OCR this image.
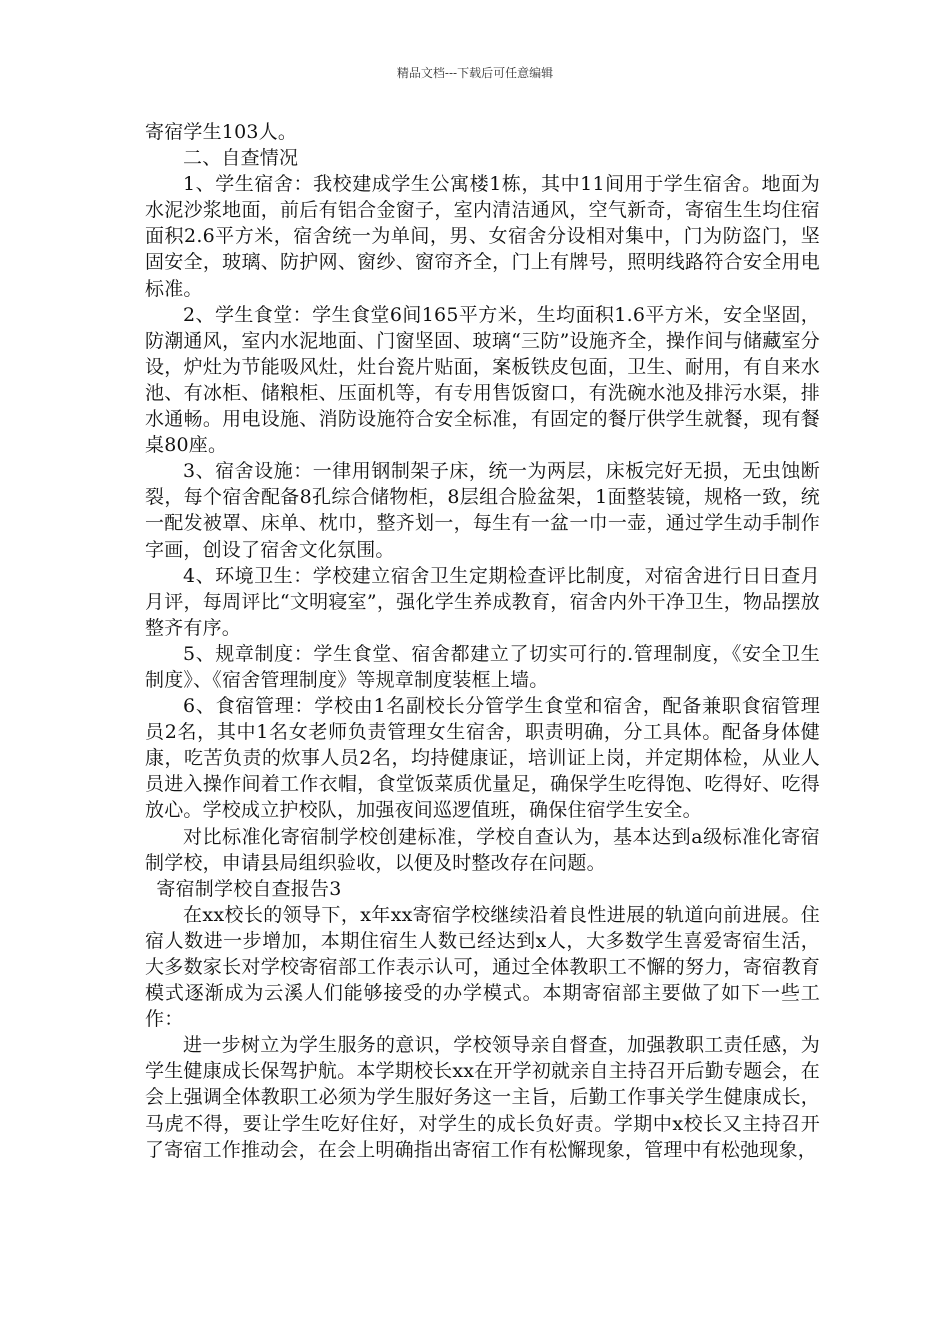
精品文档---下载后可任意编辑

寄宿学生103人。

二、自查情况

1、学生宿舍：我校建成学生公寓楼1栋，其中11间用于学生宿舍。地面为水泥沙浆地面，前后有铝合金窗子，室内清洁通风，空气新奇，寄宿生生均住宿面积2.6平方米，宿舍统一为单间，男、女宿舍分设相对集中，门为防盗门，坚固安全，玻璃、防护网、窗纱、窗帘齐全，门上有牌号，照明线路符合安全用电标准。

2、学生食堂：学生食堂6间165平方米，生均面积1.6平方米，安全坚固，防潮通风，室内水泥地面、门窗坚固、玻璃“三防”设施齐全，操作间与储藏室分设，炉灶为节能吸风灶，灶台瓷片贴面，案板铁皮包面，卫生、耐用，有自来水池、有冰柜、储粮柜、压面机等，有专用售饭窗口，有洗碗水池及排污水渠，排水通畅。用电设施、消防设施符合安全标准，有固定的餐厅供学生就餐，现有餐桌80座。

3、宿舍设施：一律用钢制架子床，统一为两层，床板完好无损，无虫蚀断裂，每个宿舍配备8孔综合储物柜，8层组合脸盆架，1面整装镜，规格一致，统一配发被罩、床单、枕巾，整齐划一，每生有一盆一巾一壶，通过学生动手制作字画，创设了宿舍文化氛围。

4、环境卫生：学校建立宿舍卫生定期检查评比制度，对宿舍进行日日查月月评，每周评比“文明寝室”，强化学生养成教育，宿舍内外干净卫生，物品摆放整齐有序。

5、规章制度：学生食堂、宿舍都建立了切实可行的.管理制度，《安全卫生制度》、《宿舍管理制度》等规章制度装框上墙。

6、食宿管理：学校由1名副校长分管学生食堂和宿舍，配备兼职食宿管理员2名，其中1名女老师负责管理女生宿舍，职责明确，分工具体。配备身体健康，吃苦负责的炊事人员2名，均持健康证，培训证上岗，并定期体检，从业人员进入操作间着工作衣帽，食堂饭菜质优量足，确保学生吃得饱、吃得好、吃得放心。学校成立护校队，加强夜间巡逻值班，确保住宿学生安全。

对比标准化寄宿制学校创建标准，学校自查认为，基本达到a级标准化寄宿制学校，申请县局组织验收，以便及时整改存在问题。

寄宿制学校自查报告3

在xx校长的领导下，x年xx寄宿学校继续沿着良性进展的轨道向前进展。住宿人数进一步增加，本期住宿生人数已经达到x人，大多数学生喜爱寄宿生活，大多数家长对学校寄宿部工作表示认可，通过全体教职工不懈的努力，寄宿教育模式逐渐成为云溪人们能够接受的办学模式。本期寄宿部主要做了如下一些工作：

进一步树立为学生服务的意识，学校领导亲自督查，加强教职工责任感，为学生健康成长保驾护航。本学期校长xx在开学初就亲自主持召开后勤专题会，在会上强调全体教职工必须为学生服好务这一主旨，后勤工作事关学生健康成长，马虎不得，要让学生吃好住好，对学生的成长负好责。学期中x校长又主持召开了寄宿工作推动会，在会上明确指出寄宿工作有松懈现象，管理中有松弛现象，
